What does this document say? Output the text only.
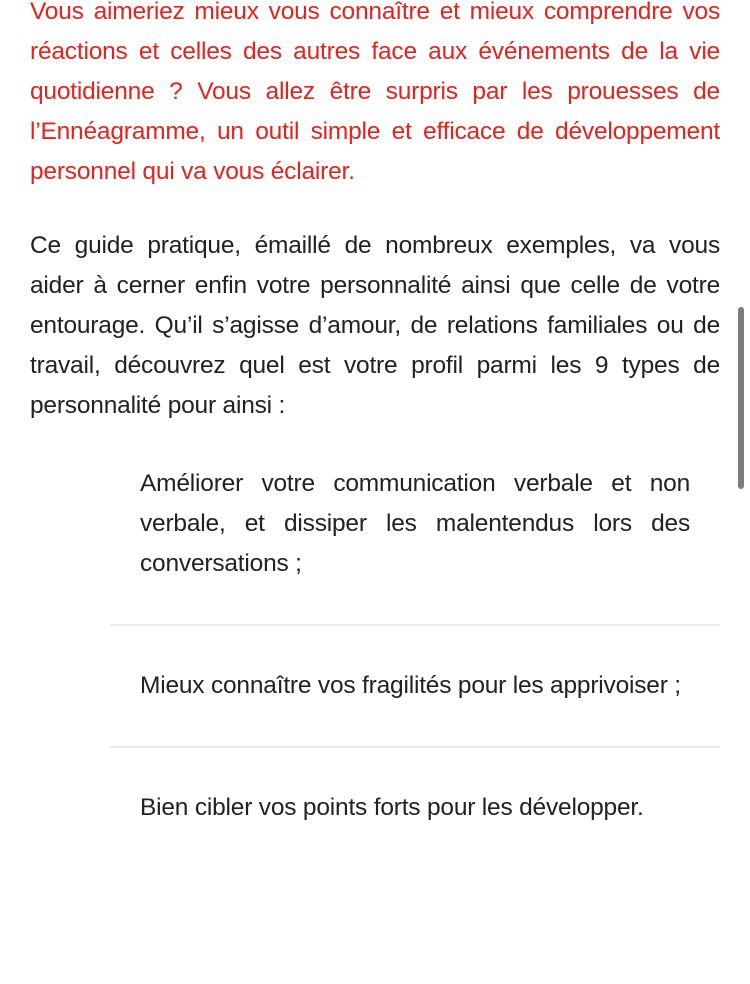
Vous aimeriez mieux vous connaître et mieux comprendre vos réactions et celles des autres face aux événements de la vie quotidienne ? Vous allez être surpris par les prouesses de l’Ennéagramme, un outil simple et efficace de développement personnel qui va vous éclairer.

Ce guide pratique, émaillé de nombreux exemples, va vous aider à cerner enfin votre personnalité ainsi que celle de votre entourage. Qu’il s’agisse d’amour, de relations familiales ou de travail, découvrez quel est votre profil parmi les 9 types de personnalité pour ainsi :

Améliorer votre communication verbale et non verbale, et dissiper les malentendus lors des conversations ;

Mieux connaître vos fragilités pour les apprivoiser ;

Bien cibler vos points forts pour les développer.
